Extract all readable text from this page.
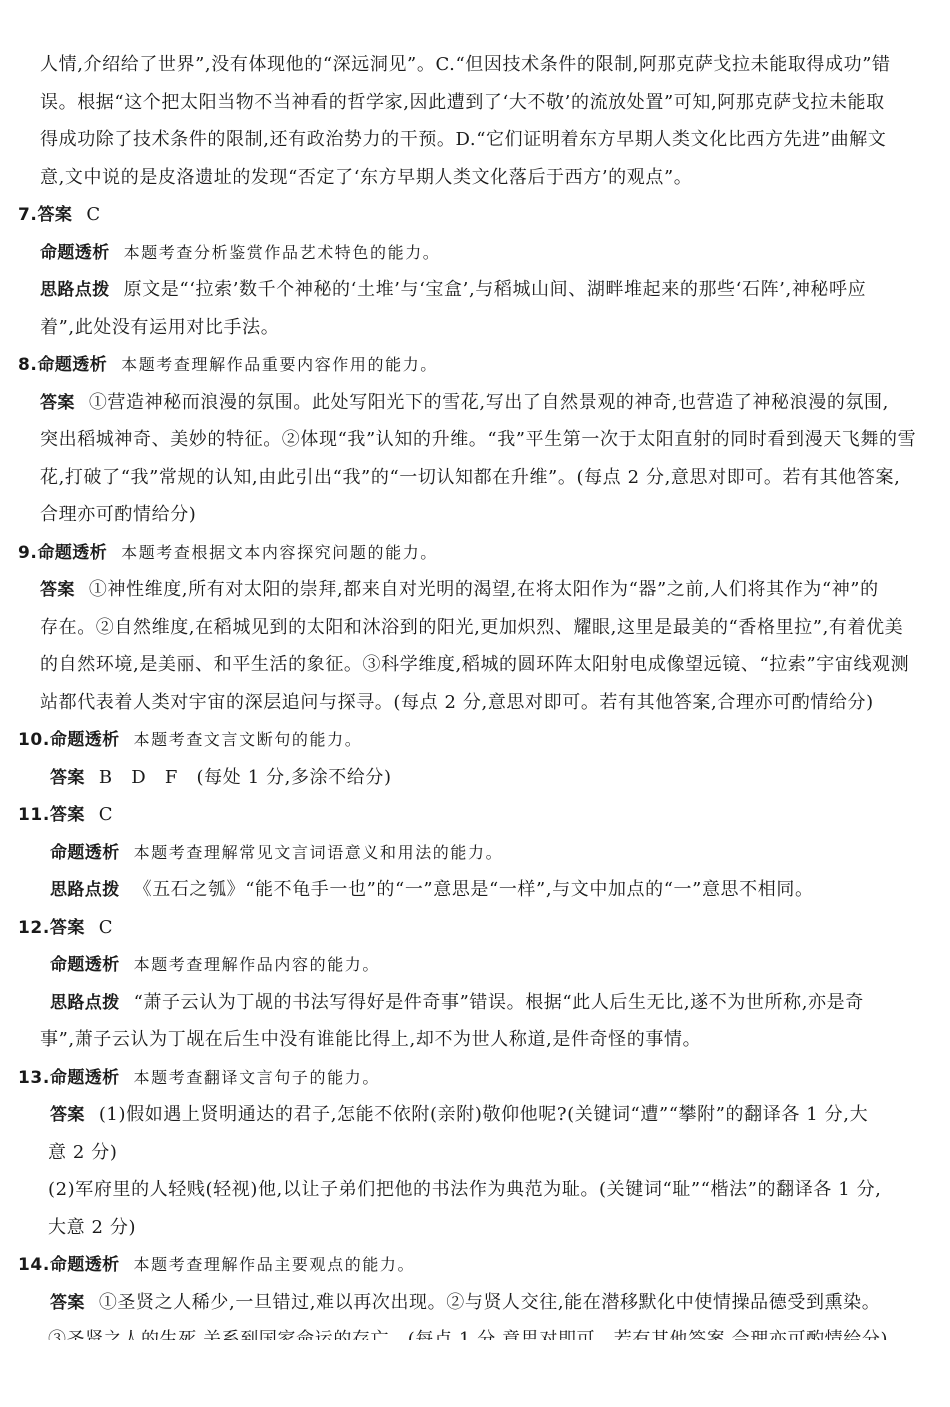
人情,介绍给了世界”,没有体现他的“深远洞见”。C.“但因技术条件的限制,阿那克萨戈拉未能取得成功”错
误。根据“这个把太阳当物不当神看的哲学家,因此遭到了‘大不敬’的流放处置”可知,阿那克萨戈拉未能取
得成功除了技术条件的限制,还有政治势力的干预。D.“它们证明着东方早期人类文化比西方先进”曲解文
意,文中说的是皮洛遗址的发现“否定了‘东方早期人类文化落后于西方’的观点”。
7.答案 C
命题透析 本题考查分析鉴赏作品艺术特色的能力。
思路点拨 原文是“‘拉索’数千个神秘的‘土堆’与‘宝盒’,与稻城山间、湖畔堆起来的那些‘石阵’,神秘呼应
着”,此处没有运用对比手法。
8.命题透析 本题考查理解作品重要内容作用的能力。
答案 ①营造神秘而浪漫的氛围。此处写阳光下的雪花,写出了自然景观的神奇,也营造了神秘浪漫的氛围,
突出稻城神奇、美妙的特征。②体现“我”认知的升维。“我”平生第一次于太阳直射的同时看到漫天飞舞的雪
花,打破了“我”常规的认知,由此引出“我”的“一切认知都在升维”。(每点 2 分,意思对即可。若有其他答案,
合理亦可酌情给分)
9.命题透析 本题考查根据文本内容探究问题的能力。
答案 ①神性维度,所有对太阳的崇拜,都来自对光明的渴望,在将太阳作为“器”之前,人们将其作为“神”的
存在。②自然维度,在稻城见到的太阳和沐浴到的阳光,更加炽烈、耀眼,这里是最美的“香格里拉”,有着优美
的自然环境,是美丽、和平生活的象征。③科学维度,稻城的圆环阵太阳射电成像望远镜、“拉索”宇宙线观测
站都代表着人类对宇宙的深层追问与探寻。(每点 2 分,意思对即可。若有其他答案,合理亦可酌情给分)
10.命题透析 本题考查文言文断句的能力。
答案 B　D　F　(每处 1 分,多涂不给分)
11.答案 C
命题透析 本题考查理解常见文言词语意义和用法的能力。
思路点拨 《五石之瓠》“能不龟手一也”的“一”意思是“一样”,与文中加点的“一”意思不相同。
12.答案 C
命题透析 本题考查理解作品内容的能力。
思路点拨 “萧子云认为丁觇的书法写得好是件奇事”错误。根据“此人后生无比,遂不为世所称,亦是奇
事”,萧子云认为丁觇在后生中没有谁能比得上,却不为世人称道,是件奇怪的事情。
13.命题透析 本题考查翻译文言句子的能力。
答案 (1)假如遇上贤明通达的君子,怎能不依附(亲附)敬仰他呢?(关键词“遭”“攀附”的翻译各 1 分,大
意 2 分)
(2)军府里的人轻贱(轻视)他,以让子弟们把他的书法作为典范为耻。(关键词“耻”“楷法”的翻译各 1 分,
大意 2 分)
14.命题透析 本题考查理解作品主要观点的能力。
答案 ①圣贤之人稀少,一旦错过,难以再次出现。②与贤人交往,能在潜移默化中使情操品德受到熏染。
